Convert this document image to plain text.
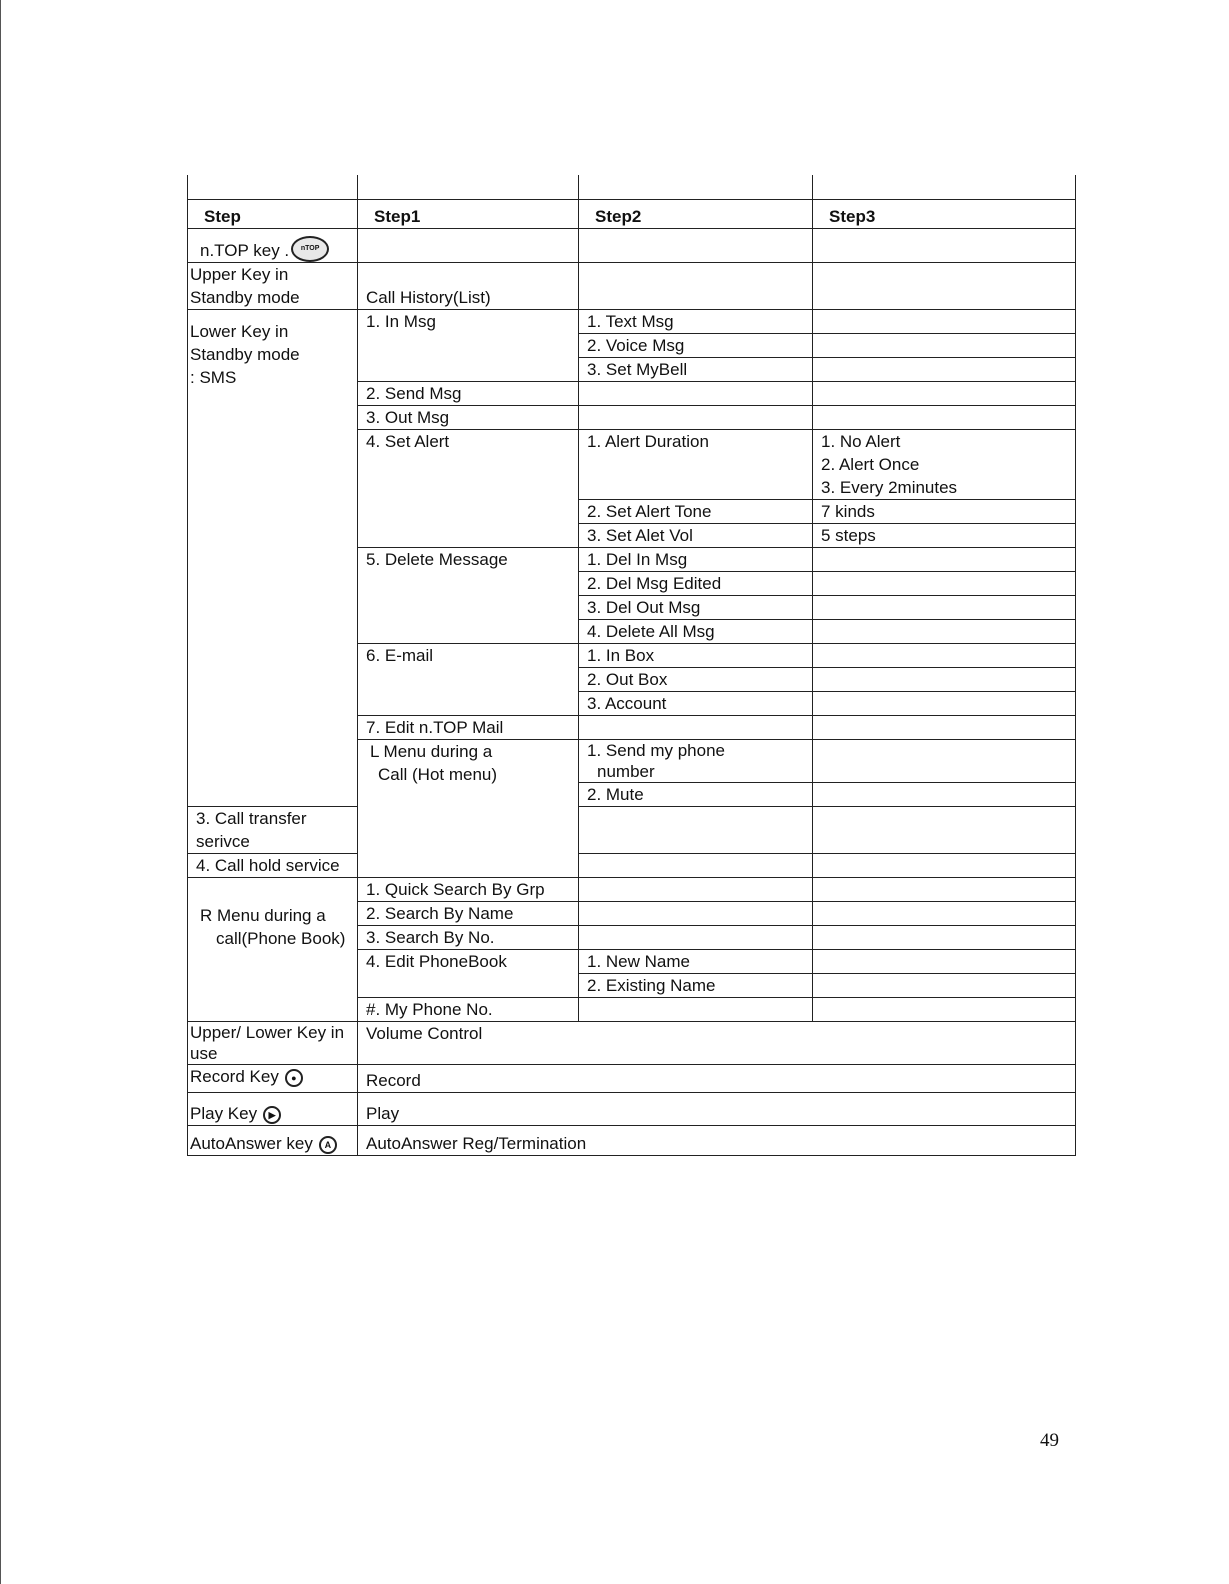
Step	Step1	Step2	Step3	
n.TOP key . nTOP				

Upper Key in
Standby mode	Call History(List)			

Lower Key in
Standby mode
: SMS	1. In Msg	1. Text Msg		
		2. Voice Msg		
		3. Set MyBell		
	2. Send Msg			
	3. Out Msg			
	4. Set Alert	1. Alert Duration	1. No Alert
2. Alert Once
3. Every 2minutes	

		2. Set Alert Tone	7 kinds	
		3. Set Alet Vol	5 steps	
	5. Delete Message	1. Del In Msg		
		2. Del Msg Edited		
		3. Del Out Msg		
		4. Delete All Msg		
	6. E-mail	1. In Box		
		2. Out Box		
		3. Account		
	7. Edit n.TOP Mail			

	L Menu during a
Call (Hot menu)	1. Send my phone
number		

		2. Mute		
3. Call transfer serivce				
4. Call hold service				

R Menu during a
call(Phone Book)	1. Quick Search By Grp			
	2. Search By Name			
	3. Search By No.			
	4. Edit PhoneBook	1. New Name		
		2. Existing Name		
	#. My Phone No.			

Upper/ Lower Key in
use	Volume Control			
Record Key ●	Record			
Play Key ▶	Play			
AutoAnswer key A	AutoAnswer Reg/Termination			
49
